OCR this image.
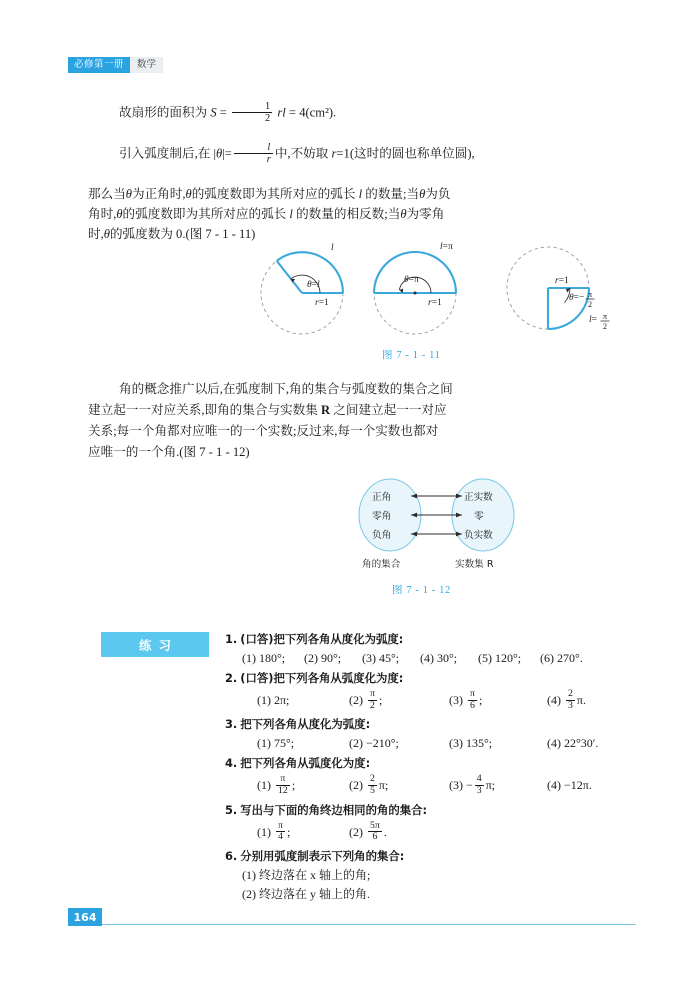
必修第一册	数学
故扇形的面积为 $S = \frac{1}{2}$ rl = 4(cm²).
引入弧度制后,在 $|\theta|= \frac{l}{r}$ 中,不妨取 r=1(这时的圆也称单位圆),
那么当θ为正角时,θ的弧度数即为其所对应的弧长 l 的数量;当θ为负
角时,θ的弧度数即为其所对应的弧长 l 的数量的相反数;当θ为零角
时,θ的弧度数为 0.(图 7 - 1 - 11)
l
θ=l
r=1
l=π
θ=π
r=1
r=1
θ=− π
2
l= π
2
图 7 - 1 - 11
角的概念推广以后,在弧度制下,角的集合与弧度数的集合之间
建立起一一对应关系,即角的集合与实数集 R 之间建立起一一对应
关系;每一个角都对应唯一的一个实数;反过来,每一个实数也都对
应唯一的一个角.(图 7 - 1 - 12)
正角
零角
负角
正实数
零
负实数
角的集合	实数集 R
图 7 - 1 - 12
练习	1. (口答)把下列各角从度化为弧度:
(1) 180°; (2) 90°; (3) 45°; (4) 30°; (5) 120°; (6) 270°.
2. (口答)把下列各角从弧度化为度:
(1) 2π;	$(2) \frac{\pi}{2}$ ;	$(3) \frac{\pi}{6}$ ;	$(4) \frac{2}{3} \pi$.
3. 把下列各角从度化为弧度:
(1) 75°;	(2) −210°;	(3) 135°;	(4) 22°30′.
4. 把下列各角从弧度化为度:
$(1) \frac{\pi}{12}$ ;	$(2) \frac{2}{5} \pi$;	$(3) - \frac{4}{3} \pi$;	(4) −12π.
5. 写出与下面的角终边相同的角的集合:
$(1) \frac{\pi}{4}$ ;	$(2) \frac{5\pi}{6}$ .
6. 分别用弧度制表示下列角的集合:
(1) 终边落在 x 轴上的角;
(2) 终边落在 y 轴上的角.
164
